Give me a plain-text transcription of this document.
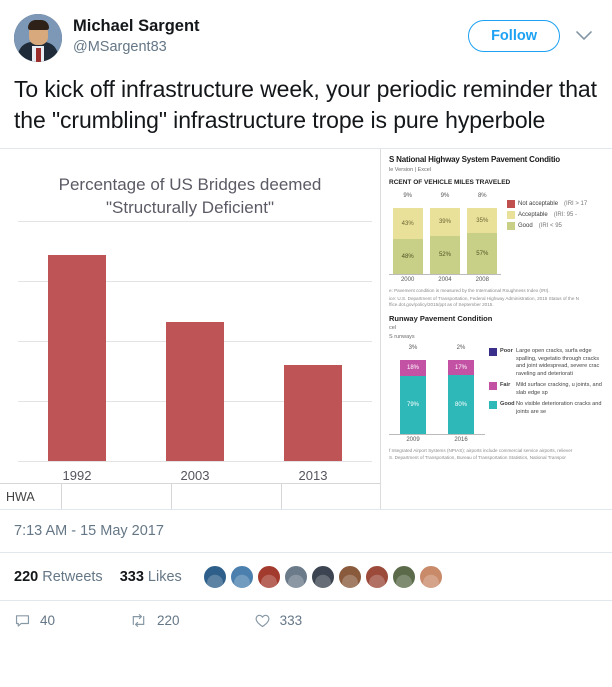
Michael Sargent
@MSargent83
Follow
To kick off infrastructure week, your periodic reminder that the "crumbling" infrastructure trope is pure hyperbole
Percentage of US Bridges deemed "Structurally Deficient"
1992	2003	2013
HWA
S National Highway System Pavement Conditio
le Version | Excel
RCENT OF VEHICLE MILES TRAVELED
9%	9%	8%
43%
48%
39%
52%
35%
57%
2000	2004	2008
Not acceptable (IRI > 17
Acceptable (IRI: 95 -
Good (IRI < 95
e: Pavement condition is measured by the International Roughness Index (IRI).
ice: U.S. Department of Transportation, Federal Highway Administration, 2015 Status of the N
ffice.dot.gov/policy/2015/ppt as of September 2015.
Runway Pavement Condition
cel
S runways
3%	2%
18%
79%
17%
80%
2009	2016
Poor Large open cracks, surfa edge spalling, vegetatio through cracks and joint widespread, severe crac raveling and deteriorati
Fair	Mild surface cracking, u joints, and slab edge sp
Good No visible deterioration cracks and joints are se
f Integrated Airport Systems (NPIAS); airports include commercial service airports, reliever
S. Department of Transportation, Bureau of Transportation Statistics, National Transpor
7:13 AM - 15 May 2017
220 Retweets 333 Likes
40	220	333
